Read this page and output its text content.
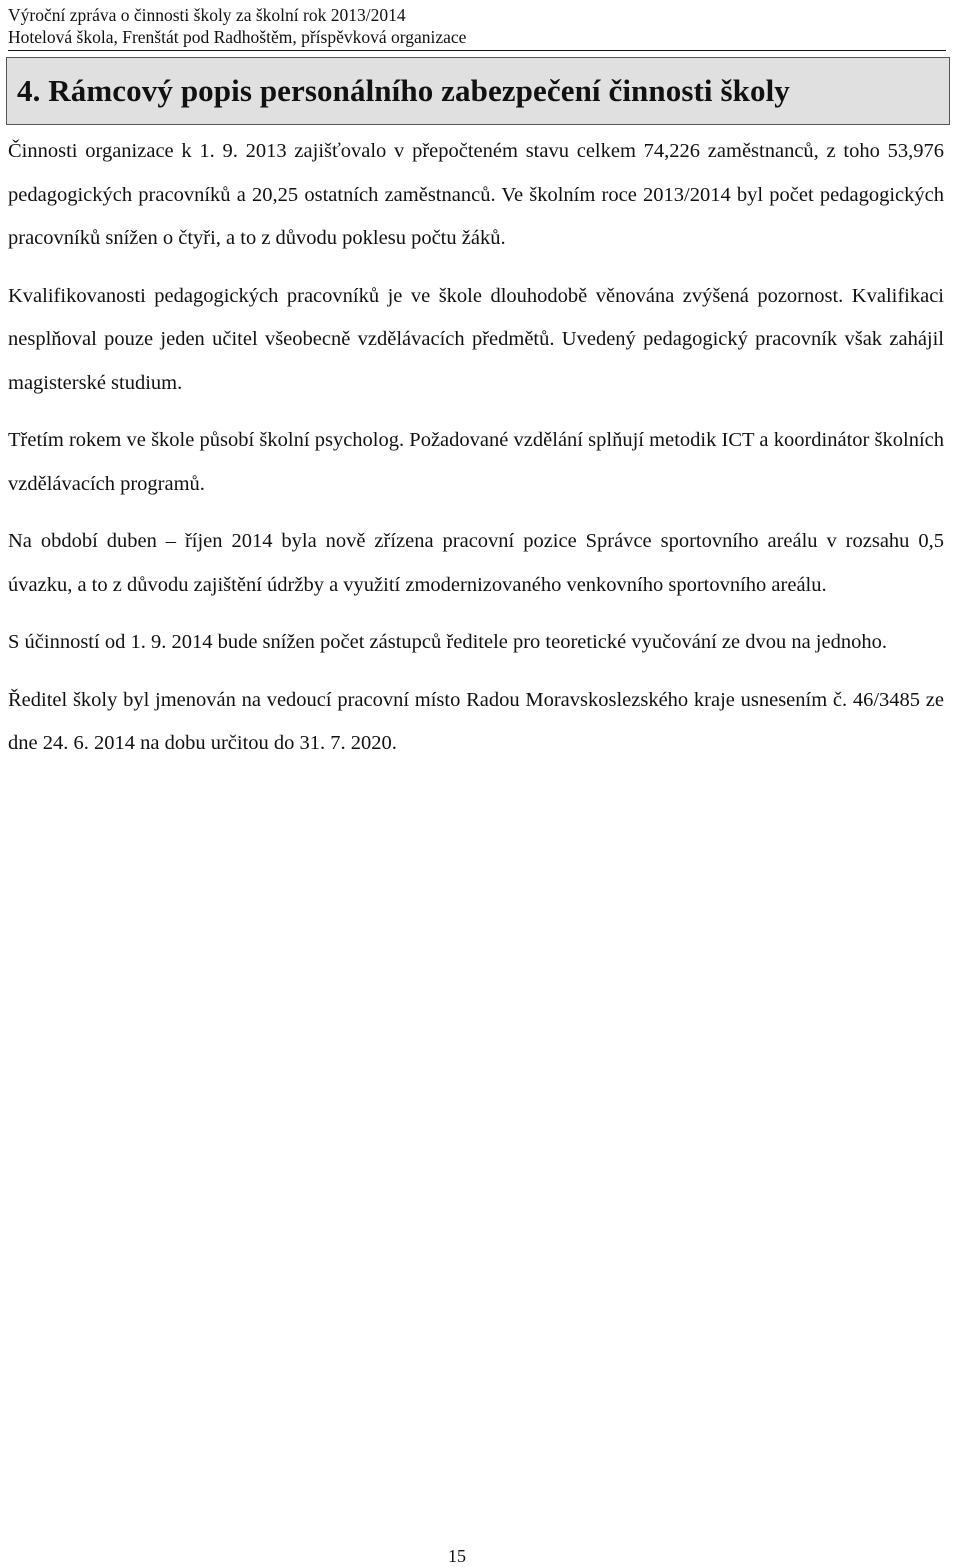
Výroční zpráva o činnosti školy za školní rok 2013/2014
Hotelová škola, Frenštát pod Radhoštěm, příspěvková organizace
4. Rámcový popis personálního zabezpečení činnosti školy

Činnosti organizace k 1. 9. 2013 zajišťovalo v přepočteném stavu celkem 74,226 zaměstnanců, z toho 53,976 pedagogických pracovníků a 20,25 ostatních zaměstnanců. Ve školním roce 2013/2014 byl počet pedagogických pracovníků snížen o čtyři, a to z důvodu poklesu počtu žáků.

Kvalifikovanosti pedagogických pracovníků je ve škole dlouhodobě věnována zvýšená pozornost. Kvalifikaci nesplňoval pouze jeden učitel všeobecně vzdělávacích předmětů. Uvedený pedagogický pracovník však zahájil magisterské studium.

Třetím rokem ve škole působí školní psycholog. Požadované vzdělání splňují metodik ICT a koordinátor školních vzdělávacích programů.

Na období duben – říjen 2014 byla nově zřízena pracovní pozice Správce sportovního areálu v rozsahu 0,5 úvazku, a to z důvodu zajištění údržby a využití zmodernizovaného venkovního sportovního areálu.

S účinností od 1. 9. 2014 bude snížen počet zástupců ředitele pro teoretické vyučování ze dvou na jednoho.

Ředitel školy byl jmenován na vedoucí pracovní místo Radou Moravskoslezského kraje usnesením č. 46/3485 ze dne 24. 6. 2014 na dobu určitou do 31. 7. 2020.

15
